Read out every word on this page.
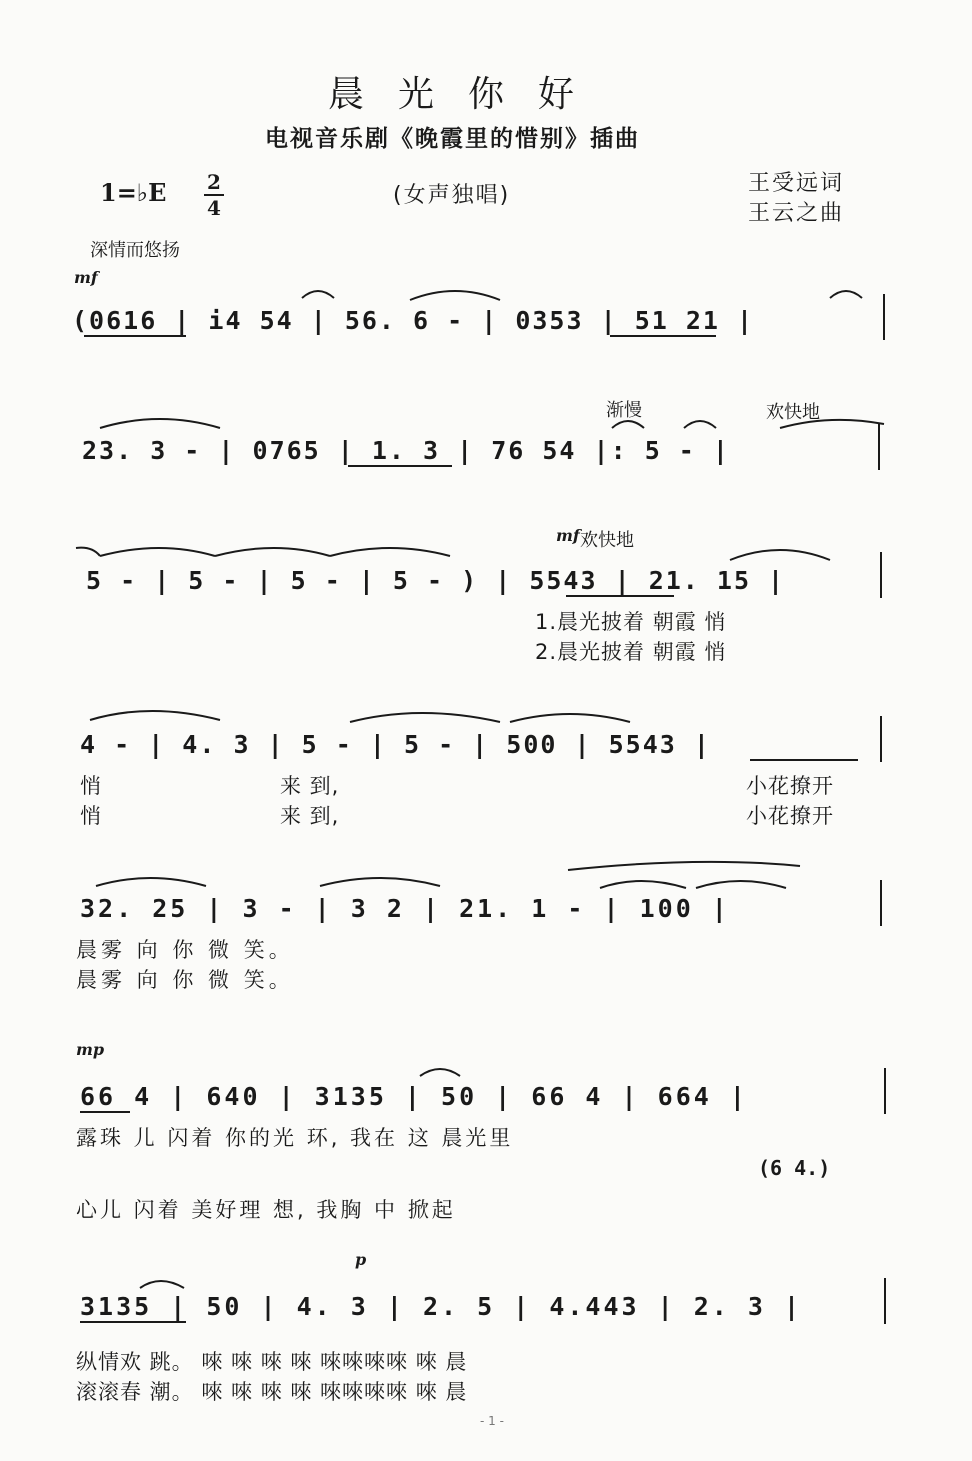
晨光你好
电视音乐剧《晚霞里的惜别》插曲
1=♭E 2
4	(女声独唱)	王受远词
王云之曲
深情而悠扬
mf
(0616 | i4 54 | 56. 6 - | 0353 | 51 21 |
渐慢	欢快地
23. 3 - | 0765 | 1. 3 | 76 54 |: 5 - |
mf 欢快地
5 - | 5 - | 5 - | 5 - ) | 5543 | 21. 15 |
1.晨光披着 朝霞 悄
2.晨光披着 朝霞 悄
4 - | 4. 3 | 5 - | 5 - | 500 | 5543 |
悄	来 到,	小花撩开
悄	来 到,	小花撩开
32. 25 | 3 - | 3 2 | 21. 1 - | 100 |
晨雾 向 你 微 笑。
晨雾 向 你 微 笑。
mp
66 4 | 640 | 3135 | 50 | 66 4 | 664 |
露珠 儿 闪着 你的光 环, 我在 这 晨光里
(6 4.)
心儿 闪着 美好理 想, 我胸 中 掀起
p
3135 | 50 | 4. 3 | 2. 5 | 4.443 | 2. 3 |
纵情欢 跳。 唻 唻 唻 唻 唻唻唻唻 唻 晨
滚滚春 潮。 唻 唻 唻 唻 唻唻唻唻 唻 晨
- 1 -
